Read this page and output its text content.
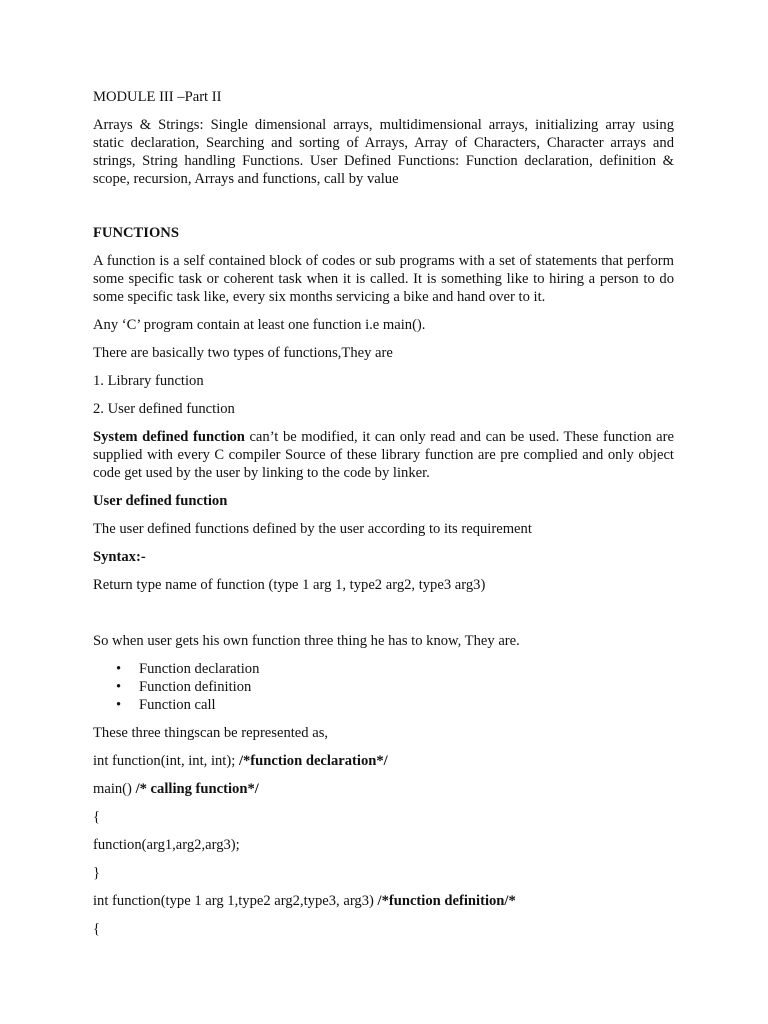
MODULE III –Part II

Arrays & Strings: Single dimensional arrays, multidimensional arrays, initializing array using static declaration, Searching and sorting of Arrays, Array of Characters, Character arrays and strings, String handling Functions. User Defined Functions: Function declaration, definition & scope, recursion, Arrays and functions, call by value

FUNCTIONS

A function is a self contained block of codes or sub programs with a set of statements that perform some specific task or coherent task when it is called. It is something like to hiring a person to do some specific task like, every six months servicing a bike and hand over to it.

Any ‘C’ program contain at least one function i.e main().

There are basically two types of functions,They are

1. Library function

2. User defined function

System defined function can’t be modified, it can only read and can be used. These function are supplied with every C compiler Source of these library function are pre complied and only object code get used by the user by linking to the code by linker.

User defined function

The user defined functions defined by the user according to its requirement

Syntax:-

Return type name of function (type 1 arg 1, type2 arg2, type3 arg3)

So when user gets his own function three thing he has to know, They are.

• Function declaration
• Function definition
• Function call

These three thingscan be represented as,

int function(int, int, int); /*function declaration*/

main() /* calling function*/

{

function(arg1,arg2,arg3);

}

int function(type 1 arg 1,type2 arg2,type3, arg3) /*function definition/*

{
